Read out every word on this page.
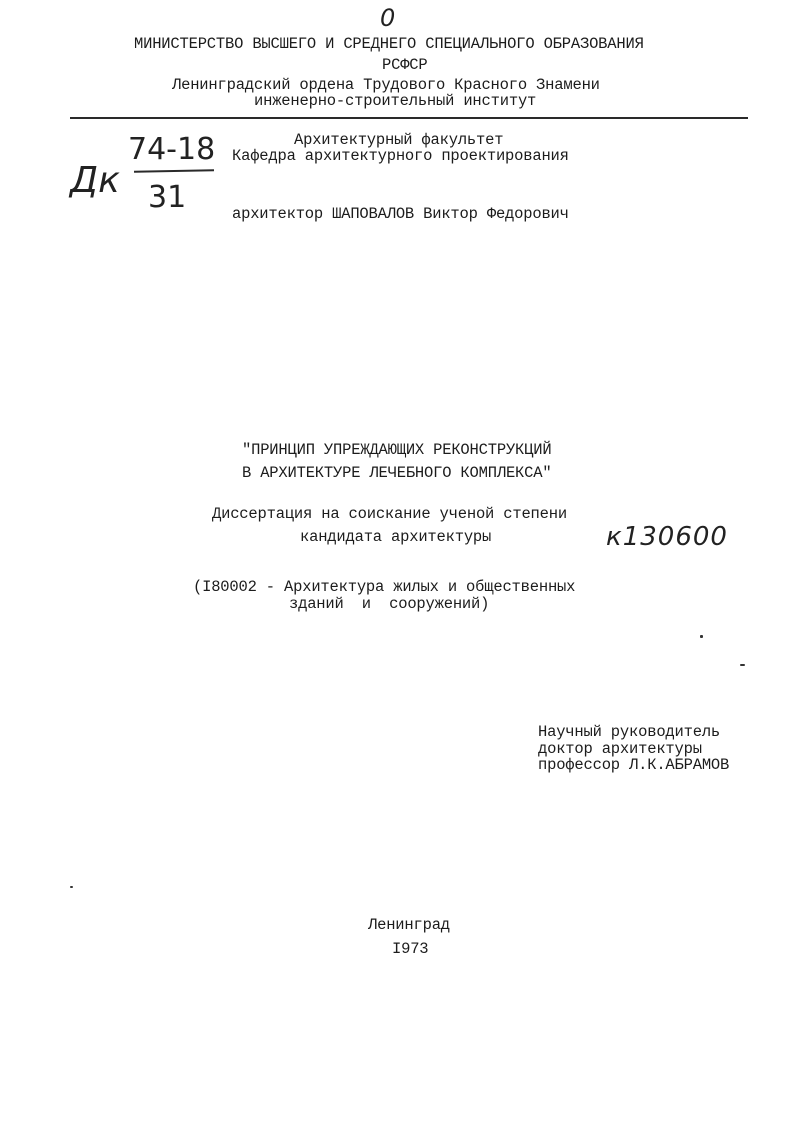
0
МИНИСТЕРСТВО ВЫСШЕГО И СРЕДНЕГО СПЕЦИАЛЬНОГО ОБРАЗОВАНИЯ
РСФСР
Ленинградский ордена Трудового Красного Знамени
инженерно-строительный институт
74-18
Дк 31
Архитектурный факультет
Кафедра архитектурного проектирования
архитектор ШАПОВАЛОВ Виктор Федорович
"ПРИНЦИП УПРЕЖДАЮЩИХ РЕКОНСТРУКЦИЙ
В АРХИТЕКТУРЕ ЛЕЧЕБНОГО КОМПЛЕКСА"
Диссертация на соискание ученой степени
кандидата архитектуры	к130600
(I80002 - Архитектура жилых и общественных
зданий  и  сооружений)
Научный руководитель
доктор архитектуры
профессор Л.К.АБРАМОВ
Ленинград
I973
